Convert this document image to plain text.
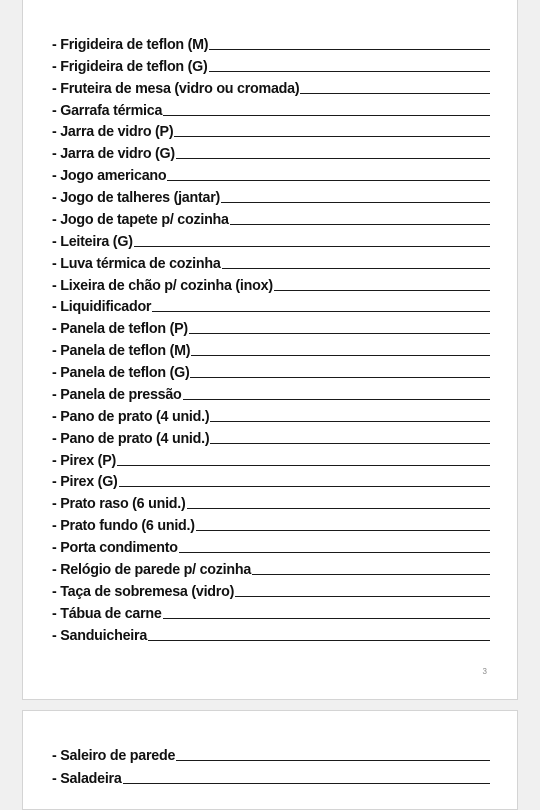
- Frigideira de teflon (M)
- Frigideira de teflon (G)
- Fruteira de mesa (vidro ou cromada)
- Garrafa térmica
- Jarra de vidro (P)
- Jarra de vidro (G)
- Jogo americano
- Jogo de talheres (jantar)
- Jogo de tapete p/ cozinha
- Leiteira (G)
- Luva térmica de cozinha
- Lixeira de chão p/ cozinha (inox)
- Liquidificador
- Panela de teflon (P)
- Panela de teflon (M)
- Panela de teflon (G)
- Panela de pressão
- Pano de prato (4 unid.)
- Pano de prato (4 unid.)
- Pirex (P)
- Pirex (G)
- Prato raso (6 unid.)
- Prato fundo (6 unid.)
- Porta condimento
- Relógio de parede p/ cozinha
- Taça de sobremesa (vidro)
- Tábua de carne
- Sanduicheira
3
- Saleiro de parede
- Saladeira
